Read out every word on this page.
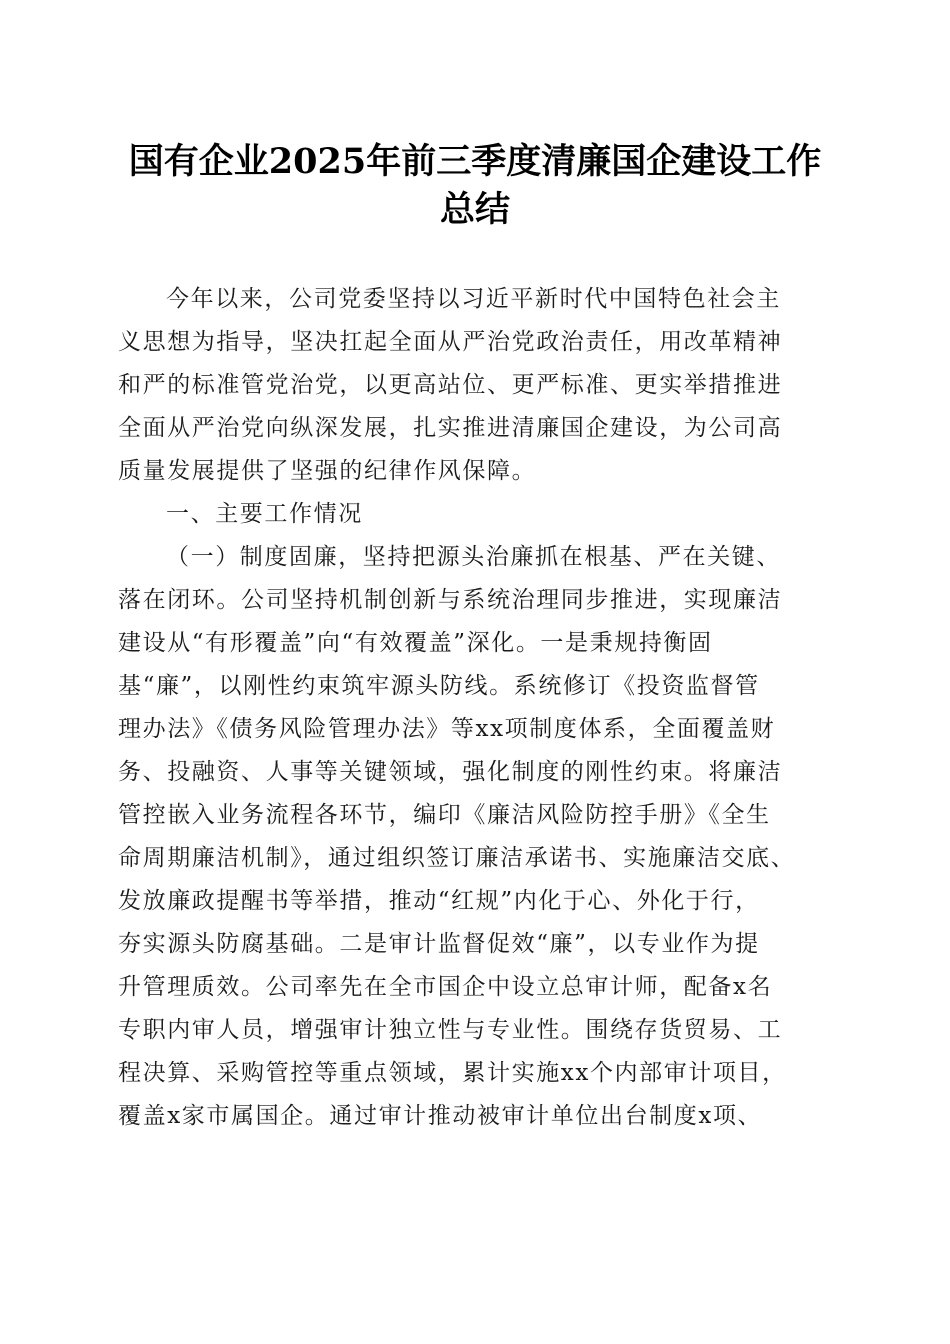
国有企业2025年前三季度清廉国企建设工作
总结
今年以来，公司党委坚持以习近平新时代中国特色社会主
义思想为指导，坚决扛起全面从严治党政治责任，用改革精神
和严的标准管党治党，以更高站位、更严标准、更实举措推进
全面从严治党向纵深发展，扎实推进清廉国企建设，为公司高
质量发展提供了坚强的纪律作风保障。
一、主要工作情况
（一）制度固廉，坚持把源头治廉抓在根基、严在关键、
落在闭环。公司坚持机制创新与系统治理同步推进，实现廉洁
建设从“有形覆盖”向“有效覆盖”深化。一是秉规持衡固
基“廉”，以刚性约束筑牢源头防线。系统修订《投资监督管
理办法》《债务风险管理办法》等xx项制度体系，全面覆盖财
务、投融资、人事等关键领域，强化制度的刚性约束。将廉洁
管控嵌入业务流程各环节，编印《廉洁风险防控手册》《全生
命周期廉洁机制》，通过组织签订廉洁承诺书、实施廉洁交底、
发放廉政提醒书等举措，推动“红规”内化于心、外化于行，
夯实源头防腐基础。二是审计监督促效“廉”，以专业作为提
升管理质效。公司率先在全市国企中设立总审计师，配备x名
专职内审人员，增强审计独立性与专业性。围绕存货贸易、工
程决算、采购管控等重点领域，累计实施xx个内部审计项目，
覆盖x家市属国企。通过审计推动被审计单位出台制度x项、
